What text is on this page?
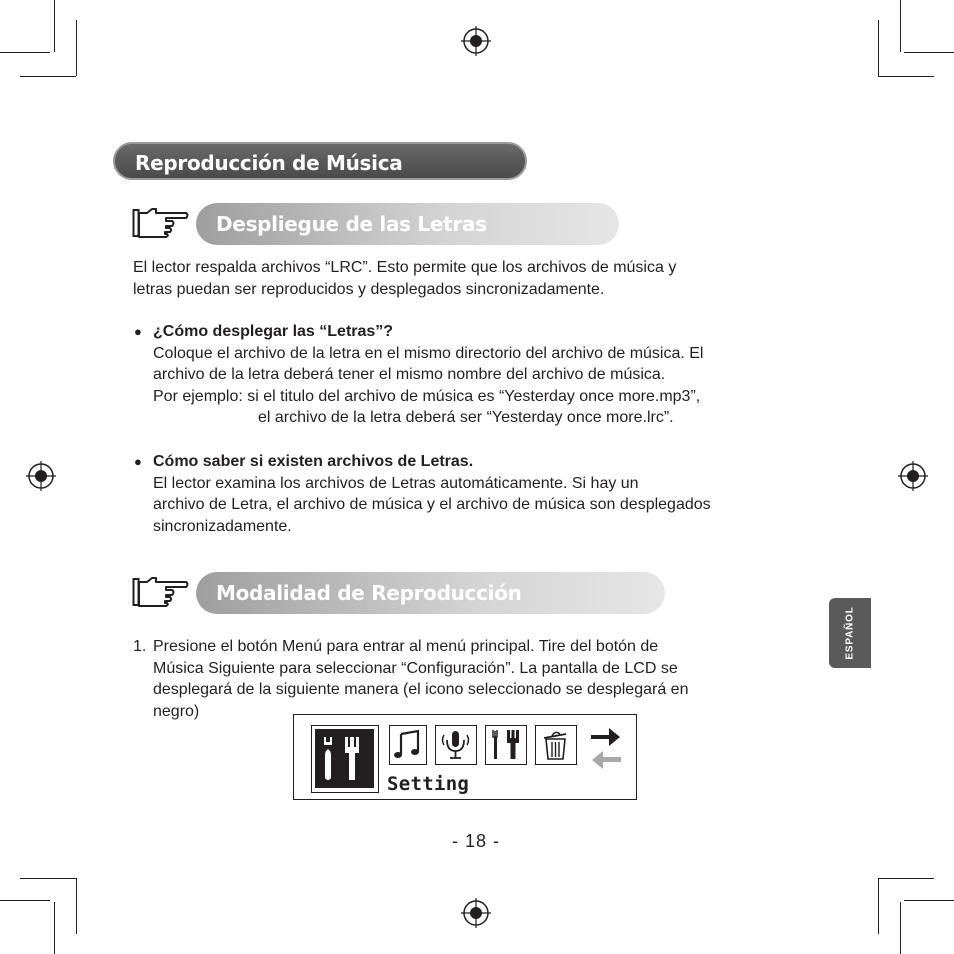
Reproducción de Música
Despliegue de las Letras
El lector respalda archivos “LRC”. Esto permite que los archivos de música y
letras puedan ser reproducidos y desplegados sincronizadamente.
● ¿Cómo desplegar las “Letras”?
Coloque el archivo de la letra en el mismo directorio del archivo de música. El
archivo de la letra deberá tener el mismo nombre del archivo de música.
Por ejemplo: si el titulo del archivo de música es “Yesterday once more.mp3”,
el archivo de la letra deberá ser “Yesterday once more.lrc”.
● Cómo saber si existen archivos de Letras.
El lector examina los archivos de Letras automáticamente. Si hay un
archivo de Letra, el archivo de música y el archivo de música son desplegados
sincronizadamente.
Modalidad de Reproducción
1. Presione el botón Menú para entrar al menú principal. Tire del botón de
Música Siguiente para seleccionar “Configuración”. La pantalla de LCD se
desplegará de la siguiente manera (el icono seleccionado se desplegará en
negro)
Setting
- 18 -
ESPAÑOL
